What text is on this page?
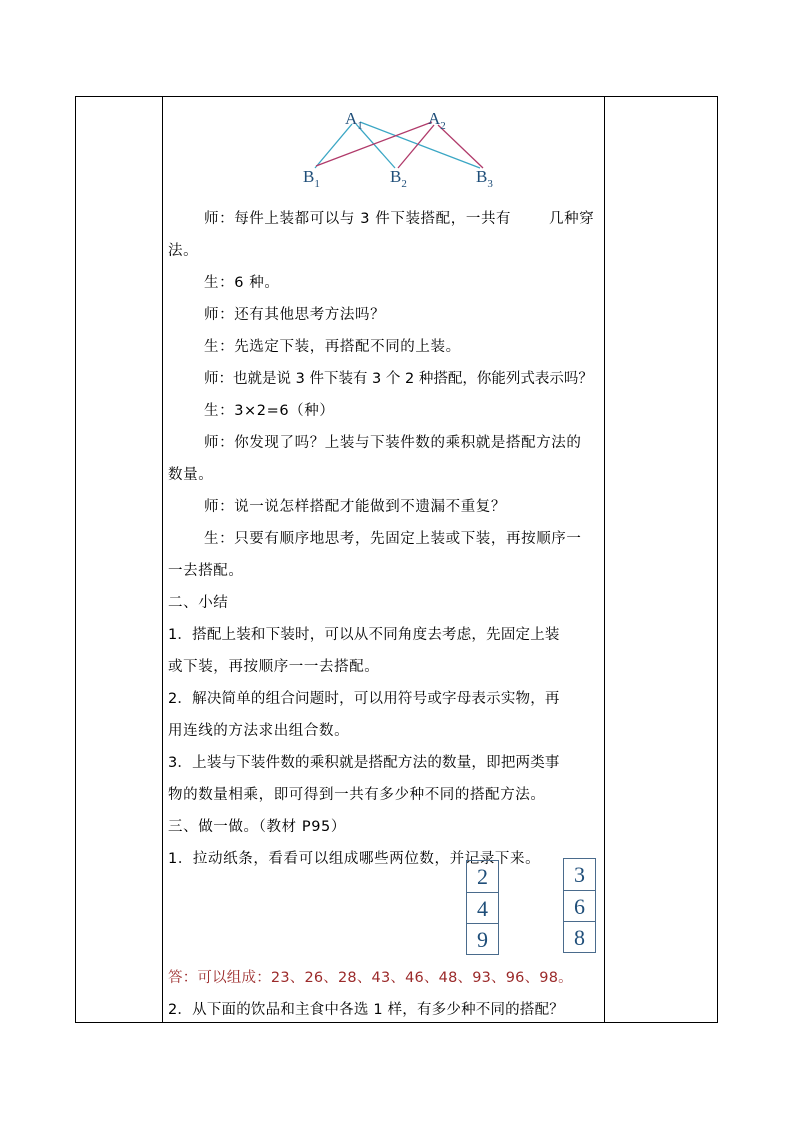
$A_1$	$A_2$
$B_1$	$B_2$	$B_3$
师：每件上装都可以与 3 件下装搭配，一共有	几种穿
法。
生：6 种。
师：还有其他思考方法吗？
生：先选定下装，再搭配不同的上装。
师：也就是说 3 件下装有 3 个 2 种搭配，你能列式表示吗？
生：3×2=6（种）
师：你发现了吗？上装与下装件数的乘积就是搭配方法的
数量。
师：说一说怎样搭配才能做到不遗漏不重复？
生：只要有顺序地思考，先固定上装或下装，再按顺序一
一去搭配。
二、小结
1．搭配上装和下装时，可以从不同角度去考虑，先固定上装
或下装，再按顺序一一去搭配。
2．解决简单的组合问题时，可以用符号或字母表示实物，再
用连线的方法求出组合数。
3．上装与下装件数的乘积就是搭配方法的数量，即把两类事
物的数量相乘，即可得到一共有多少种不同的搭配方法。
三、做一做。（教材 P95）
1．拉动纸条，看看可以组成哪些两位数，并记录下来。
2
4
9
3
6
8
答：可以组成：23、26、28、43、46、48、93、96、98。
2．从下面的饮品和主食中各选 1 样，有多少种不同的搭配？
